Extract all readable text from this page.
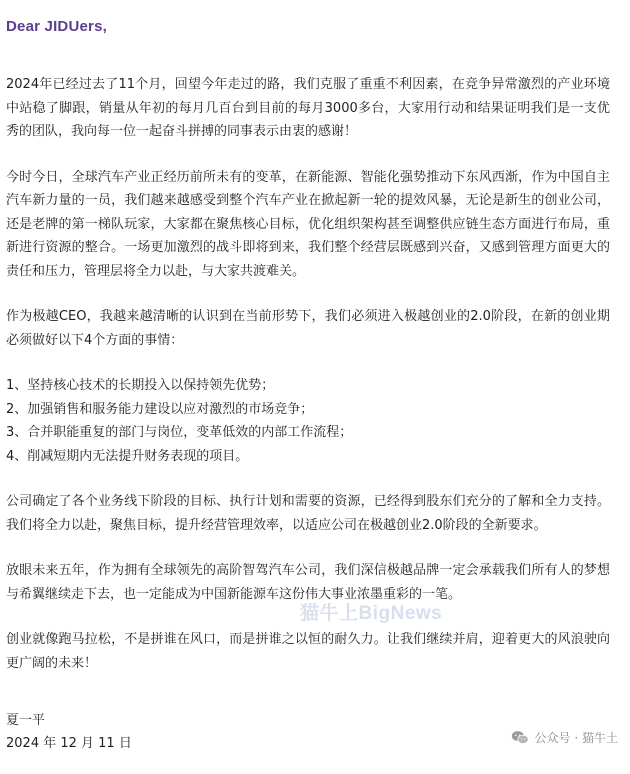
Dear JIDUers,

2024年已经过去了11个月，回望今年走过的路，我们克服了重重不利因素，在竞争异常激烈的产业环境中站稳了脚跟，销量从年初的每月几百台到目前的每月3000多台，大家用行动和结果证明我们是一支优秀的团队，我向每一位一起奋斗拼搏的同事表示由衷的感谢！

今时今日，全球汽车产业正经历前所未有的变革，在新能源、智能化强势推动下东风西渐，作为中国自主汽车新力量的一员，我们越来越感受到整个汽车产业在掀起新一轮的提效风暴，无论是新生的创业公司，还是老牌的第一梯队玩家，大家都在聚焦核心目标，优化组织架构甚至调整供应链生态方面进行布局，重新进行资源的整合。一场更加激烈的战斗即将到来，我们整个经营层既感到兴奋，又感到管理方面更大的责任和压力，管理层将全力以赴，与大家共渡难关。

作为极越CEO，我越来越清晰的认识到在当前形势下，我们必须进入极越创业的2.0阶段，在新的创业期必须做好以下4个方面的事情：

1、坚持核心技术的长期投入以保持领先优势；
2、加强销售和服务能力建设以应对激烈的市场竞争；
3、合并职能重复的部门与岗位，变革低效的内部工作流程；
4、削减短期内无法提升财务表现的项目。

公司确定了各个业务线下阶段的目标、执行计划和需要的资源，已经得到股东们充分的了解和全力支持。我们将全力以赴，聚焦目标，提升经营管理效率，以适应公司在极越创业2.0阶段的全新要求。

放眼未来五年，作为拥有全球领先的高阶智驾汽车公司，我们深信极越品牌一定会承载我们所有人的梦想与希翼继续走下去，也一定能成为中国新能源车这份伟大事业浓墨重彩的一笔。

创业就像跑马拉松，不是拼谁在风口，而是拼谁之以恒的耐久力。让我们继续并肩，迎着更大的风浪驶向更广阔的未来！

夏一平
2024 年 12 月 11 日
猫牛上BigNews
公众号 · 猫牛土
